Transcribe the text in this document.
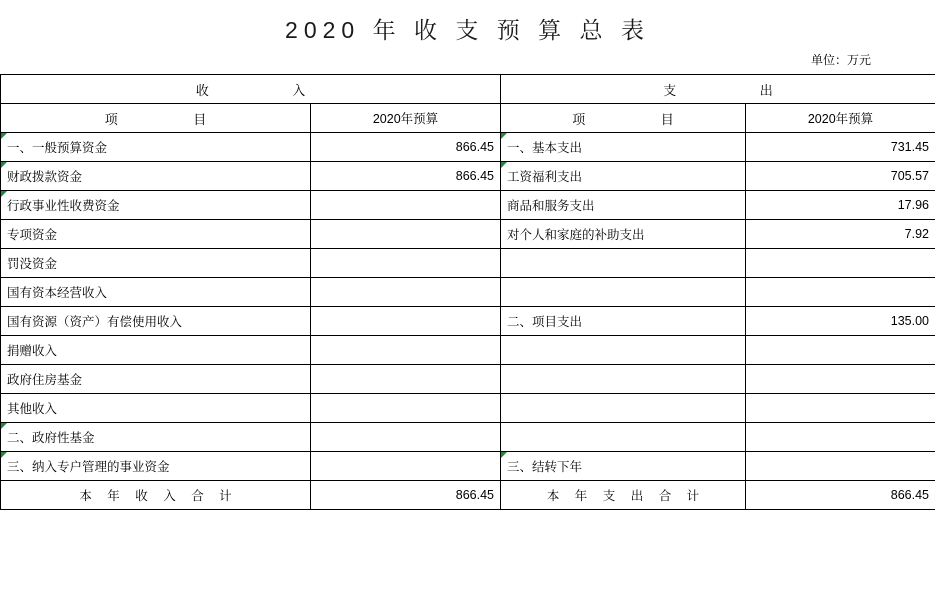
2020 年 收 支 预 算 总 表
单位：万元
收 入		支 出	
项 目	2020年预算	项 目	2020年预算
一、一般预算资金	866.45	一、基本支出	731.45
财政拨款资金	866.45	工资福利支出	705.57
行政事业性收费资金		商品和服务支出	17.96
专项资金		对个人和家庭的补助支出	7.92
罚没资金			
国有资本经营收入			
国有资源（资产）有偿使用收入		二、项目支出	135.00
捐赠收入			
政府住房基金			
其他收入			
二、政府性基金			
三、纳入专户管理的事业资金		三、结转下年	
本 年 收 入 合 计	866.45	本 年 支 出 合 计	866.45
